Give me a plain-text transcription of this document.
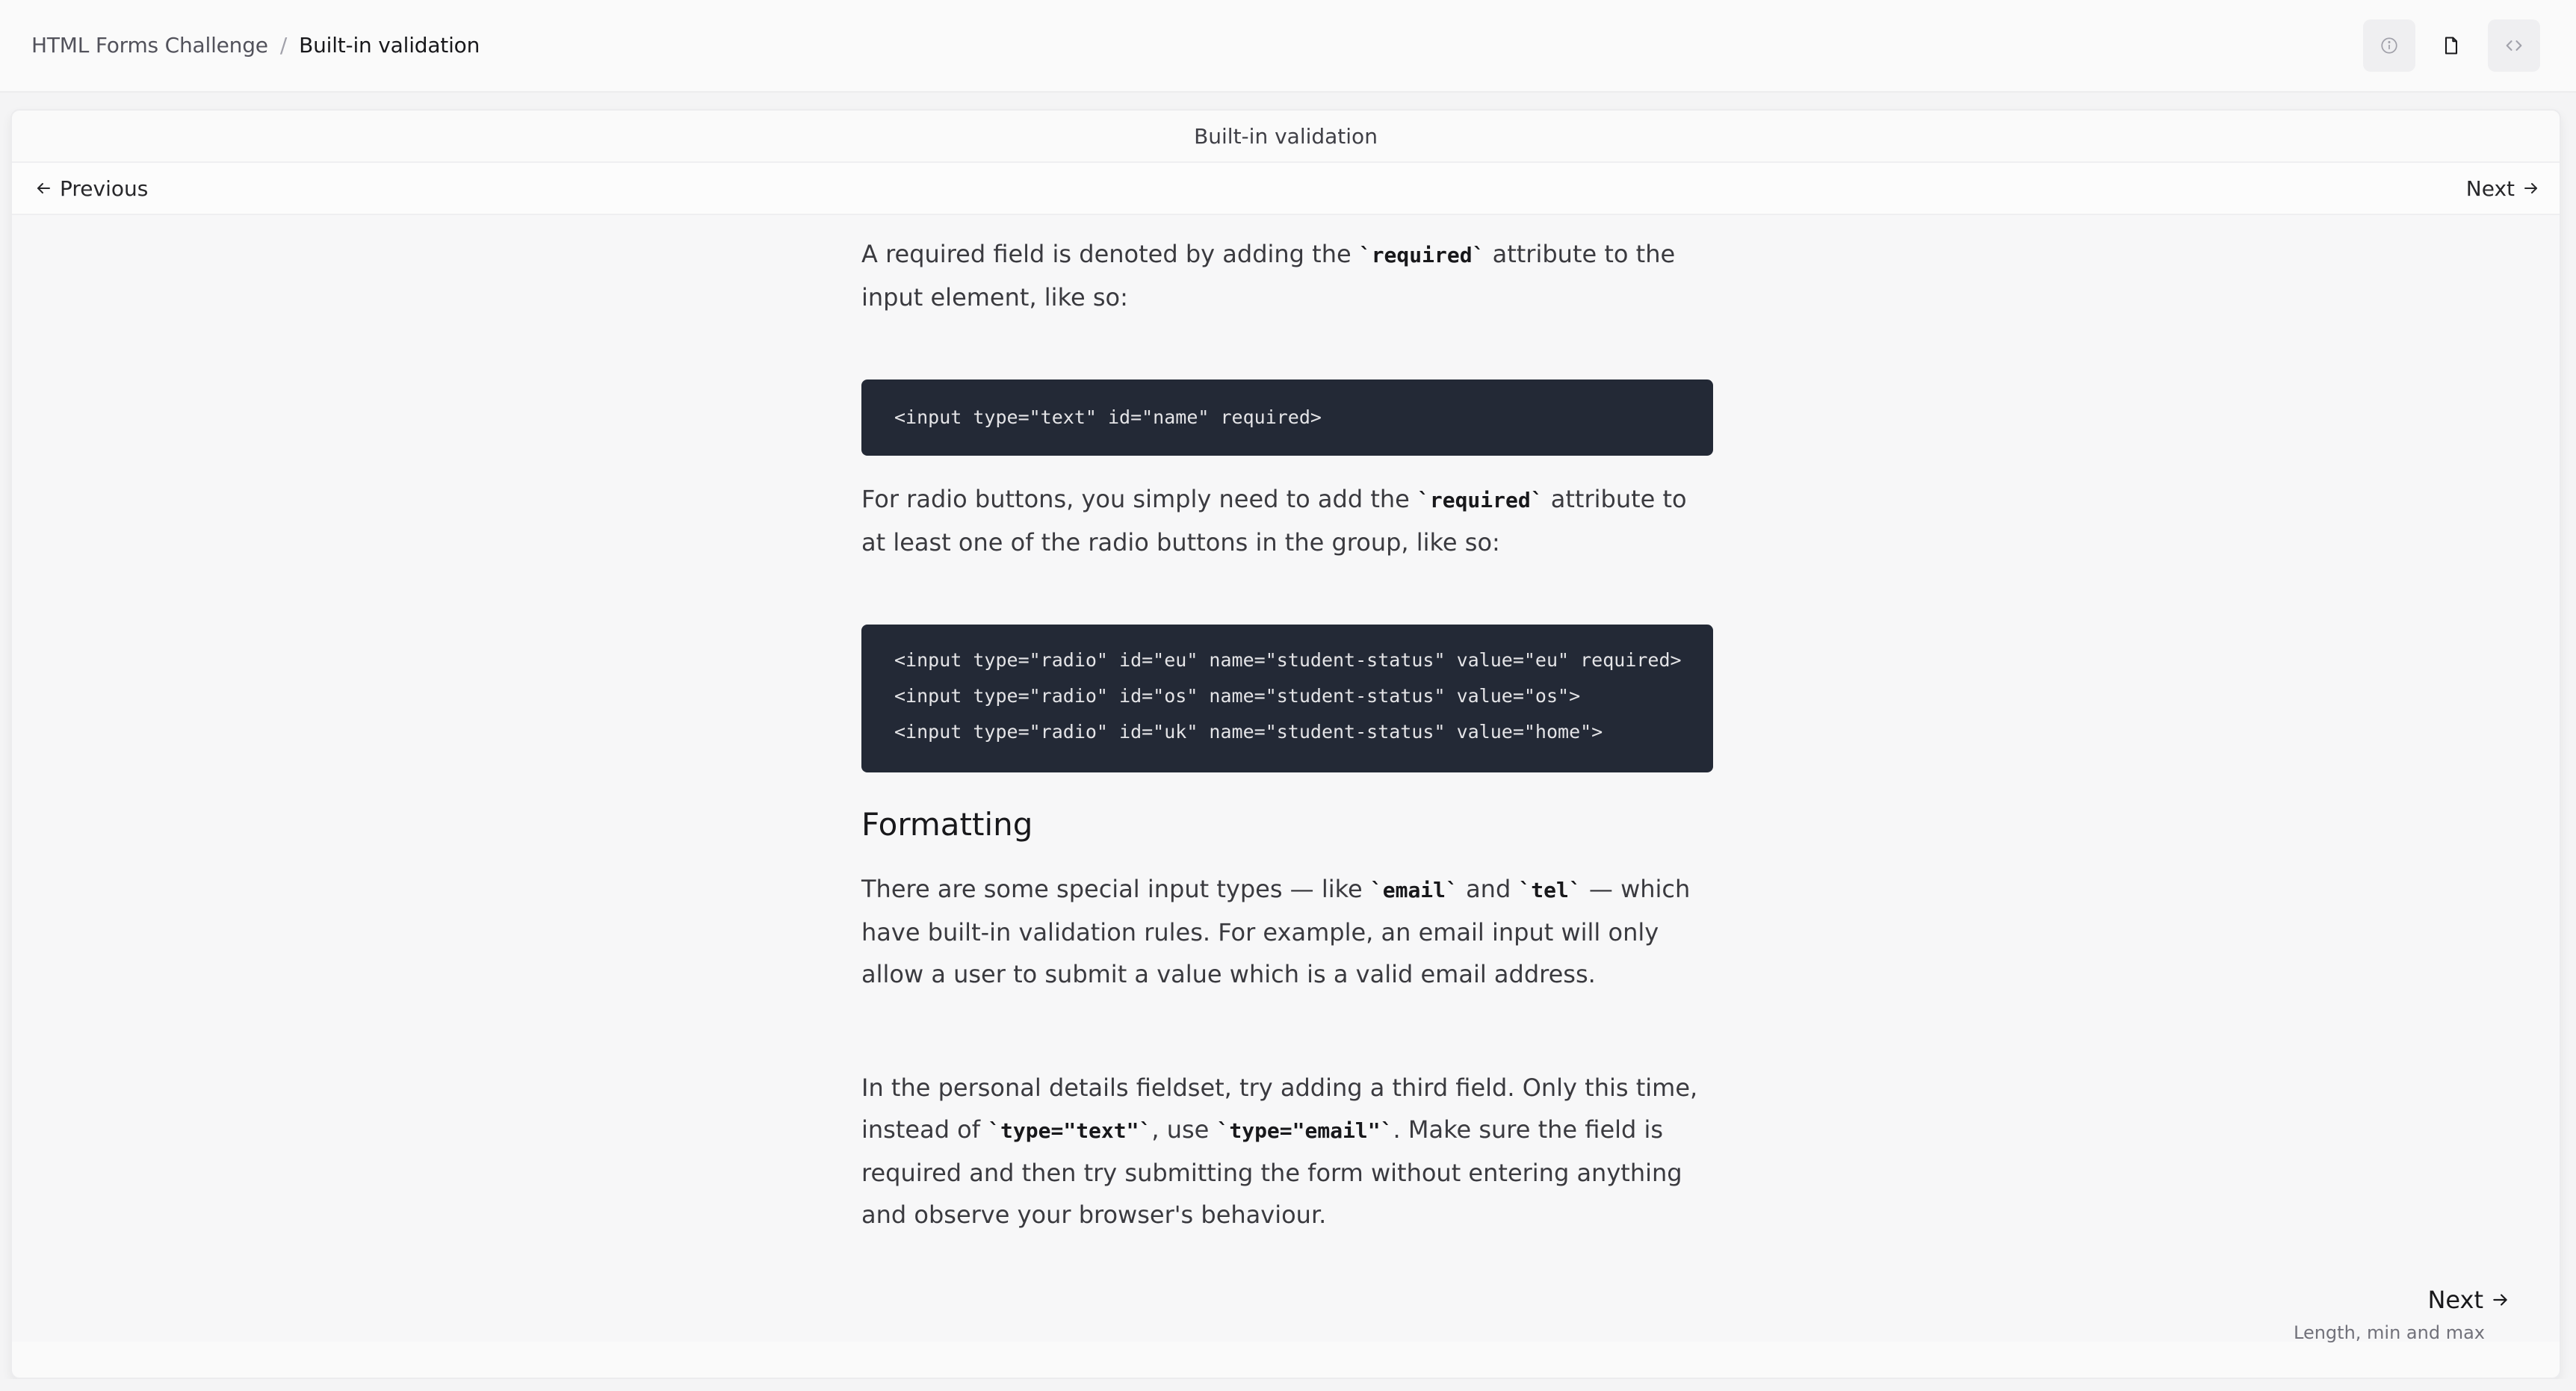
HTML Forms Challenge / Built-in validation
Built-in validation
Previous	Next

A required field is denoted by adding the `required` attribute to the input element, like so:

<input type="text" id="name" required>

For radio buttons, you simply need to add the `required` attribute to at least one of the radio buttons in the group, like so:

<input type="radio" id="eu" name="student-status" value="eu" required>
<input type="radio" id="os" name="student-status" value="os">
<input type="radio" id="uk" name="student-status" value="home">
Formatting

There are some special input types — like `email` and `tel` — which have built-in validation rules. For example, an email input will only allow a user to submit a value which is a valid email address.

In the personal details fieldset, try adding a third field. Only this time, instead of `type="text"`, use `type="email"`. Make sure the field is required and then try submitting the form without entering anything and observe your browser's behaviour.

Next
Length, min and max
